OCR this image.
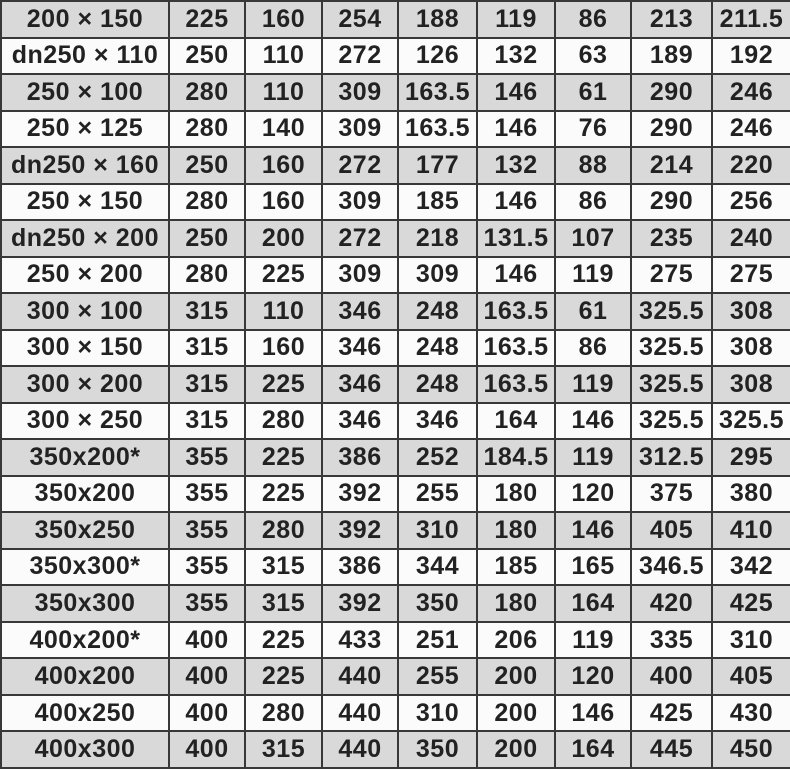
200 × 150	225	160	254	188	119	86	213	211.5
dn250 × 110	250	110	272	126	132	63	189	192
250 × 100	280	110	309	163.5	146	61	290	246
250 × 125	280	140	309	163.5	146	76	290	246
dn250 × 160	250	160	272	177	132	88	214	220
250 × 150	280	160	309	185	146	86	290	256
dn250 × 200	250	200	272	218	131.5	107	235	240
250 × 200	280	225	309	309	146	119	275	275
300 × 100	315	110	346	248	163.5	61	325.5	308
300 × 150	315	160	346	248	163.5	86	325.5	308
300 × 200	315	225	346	248	163.5	119	325.5	308
300 × 250	315	280	346	346	164	146	325.5	325.5
350x200*	355	225	386	252	184.5	119	312.5	295
350x200	355	225	392	255	180	120	375	380
350x250	355	280	392	310	180	146	405	410
350x300*	355	315	386	344	185	165	346.5	342
350x300	355	315	392	350	180	164	420	425
400x200*	400	225	433	251	206	119	335	310
400x200	400	225	440	255	200	120	400	405
400x250	400	280	440	310	200	146	425	430
400x300	400	315	440	350	200	164	445	450
